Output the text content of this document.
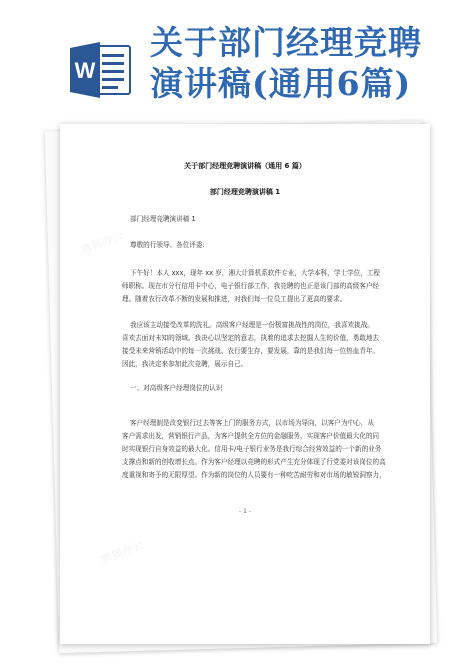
W
关于部门经理竞聘
演讲稿(通用6篇)
熊猫办公
熊猫办公
熊猫办公
熊猫办公
关于部门经理竞聘演讲稿（通用 6 篇）
部门经理竞聘演讲稿 1
部门经理竞聘演讲稿 1
尊敬的行领导、各位评委:
下午好！本人 xxx，现年 xx 岁，湘大计算机系软件专业，大学本科，学士学位，工程
师职称。现在市分行信用卡中心，电子银行部工作，我竞聘的也正是该门部的高级客户经
理。随着农行改革不断的发展和推进，对我们每一位员工提出了更高的要求。
我应该主动接受改革的洗礼。高级客户经理是一份极富挑战性的岗位，我喜欢挑战。
喜欢去面对未知的领域。我决心以坚定的意志，执着的追求去挖掘人生的价值，勇敢地去
接受未来营销活动中的每一次挑战。农行要生存，要发展，靠的是我们每一位热血青年。
因此，我决定来参加此次竞聘，展示自己。
一、对高级客户经理岗位的认识
客户经理制是改变银行过去等客上门的服务方式，以市场为导向，以客户为中心，从
客户需求出发，营销银行产品，为客户提供全方位的金融服务，实现客户价值最大化的同
时实现银行自身效益的最大化。信用卡/电子银行业务是我行综合经营效益的一个新的业务
支撑点和新的创收增长点。作为客户经理以竞聘的形式产生充分体现了行党委对该岗位的高
度重视和寄予的无限厚望。作为新的岗位的人员要有一种吃苦耐劳和对市场的敏锐洞察力，
- 1 -
